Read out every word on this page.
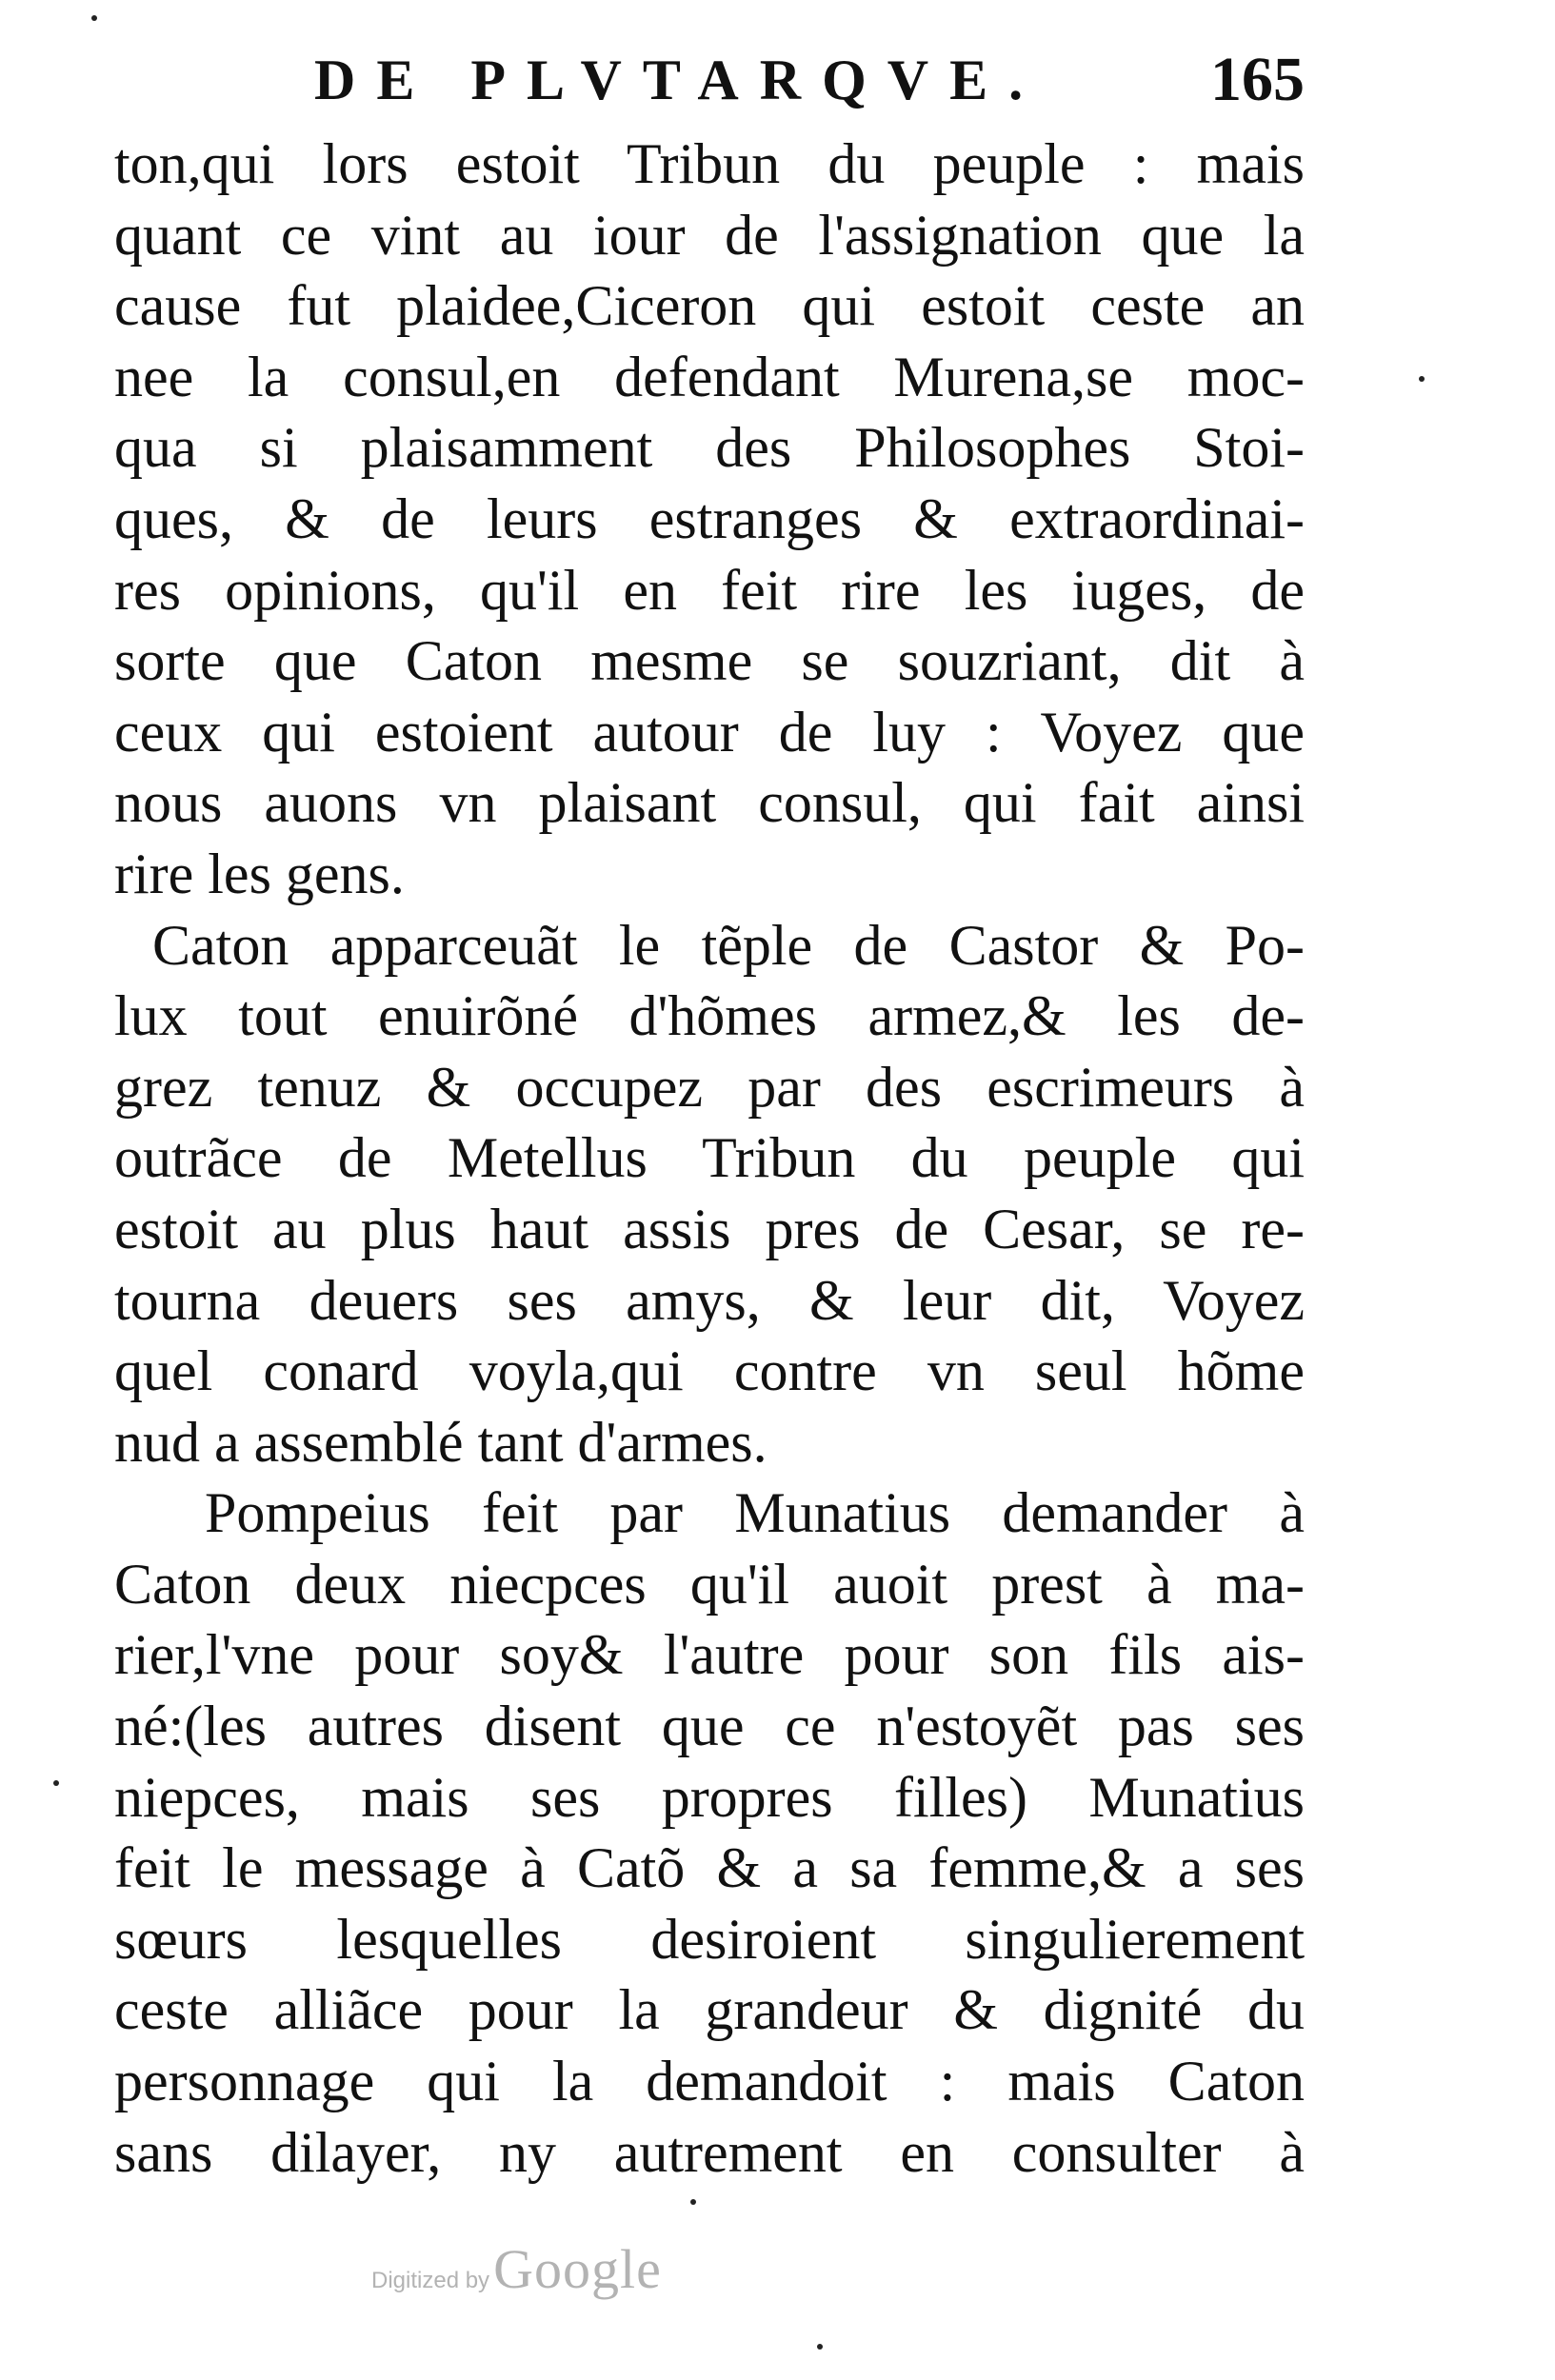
DE PLVTARQVE.	165
ton,qui lors estoit Tribun du peuple : mais
quant ce vint au iour de l'assignation que la
cause fut plaidee,Ciceron qui estoit ceste an
nee la consul,en defendant Murena,se moc-
qua si plaisamment des Philosophes Stoi-
ques, & de leurs estranges & extraordinai-
res opinions, qu'il en feit rire les iuges, de
sorte que Caton mesme se souzriant, dit à
ceux qui estoient autour de luy : Voyez que
nous auons vn plaisant consul, qui fait ainsi
rire les gens.
Caton apparceuãt le tẽple de Castor & Po-
lux tout enuirõné d'hõmes armez,& les de-
grez tenuz & occupez par des escrimeurs à
outrãce de Metellus Tribun du peuple qui
estoit au plus haut assis pres de Cesar, se re-
tourna deuers ses amys, & leur dit, Voyez
quel conard voyla,qui contre vn seul hõme
nud a assemblé tant d'armes.
Pompeius feit par Munatius demander à
Caton deux niecpces qu'il auoit prest à ma-
rier,l'vne pour soy& l'autre pour son fils ais-
né:(les autres disent que ce n'estoyẽt pas ses
niepces, mais ses propres filles) Munatius
feit le message à Catõ & a sa femme,& a ses
sœurs lesquelles desiroient singulierement
ceste alliãce pour la grandeur & dignité du
personnage qui la demandoit : mais Caton
sans dilayer, ny autrement en consulter à
Digitized by Google
